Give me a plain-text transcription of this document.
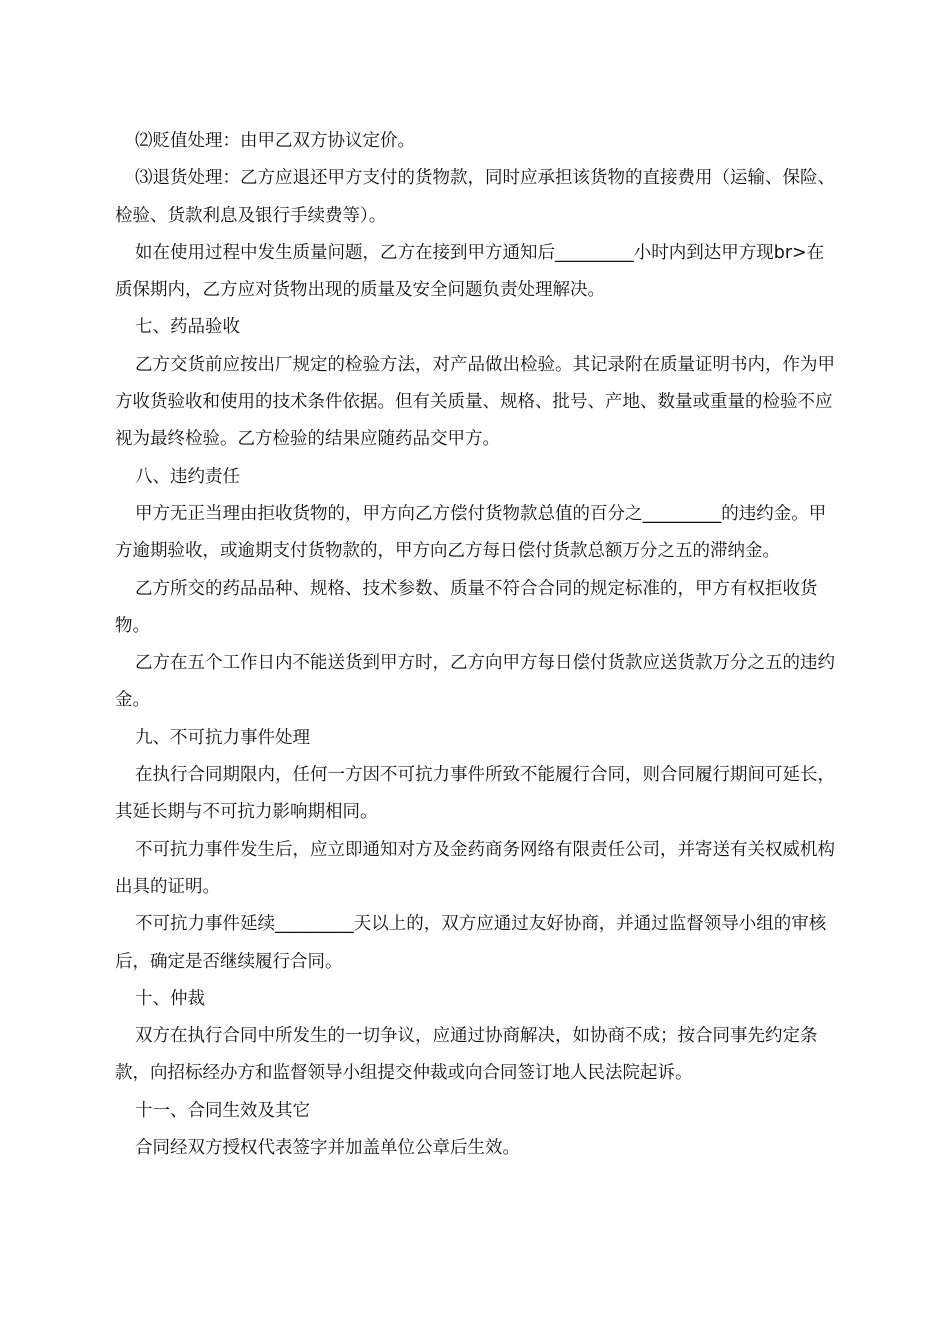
⑵贬值处理：由甲乙双方协议定价。

⑶退货处理：乙方应退还甲方支付的货物款，同时应承担该货物的直接费用（运输、保险、检验、货款利息及银行手续费等）。

如在使用过程中发生质量问题，乙方在接到甲方通知后_________小时内到达甲方现br>在质保期内，乙方应对货物出现的质量及安全问题负责处理解决。

七、药品验收

乙方交货前应按出厂规定的检验方法，对产品做出检验。其记录附在质量证明书内，作为甲方收货验收和使用的技术条件依据。但有关质量、规格、批号、产地、数量或重量的检验不应视为最终检验。乙方检验的结果应随药品交甲方。

八、违约责任

甲方无正当理由拒收货物的，甲方向乙方偿付货物款总值的百分之_________的违约金。甲方逾期验收，或逾期支付货物款的，甲方向乙方每日偿付货款总额万分之五的滞纳金。

乙方所交的药品品种、规格、技术参数、质量不符合合同的规定标准的，甲方有权拒收货物。

乙方在五个工作日内不能送货到甲方时，乙方向甲方每日偿付货款应送货款万分之五的违约金。

九、不可抗力事件处理

在执行合同期限内，任何一方因不可抗力事件所致不能履行合同，则合同履行期间可延长，其延长期与不可抗力影响期相同。

不可抗力事件发生后，应立即通知对方及金药商务网络有限责任公司，并寄送有关权威机构出具的证明。

不可抗力事件延续_________天以上的，双方应通过友好协商，并通过监督领导小组的审核后，确定是否继续履行合同。

十、仲裁

双方在执行合同中所发生的一切争议，应通过协商解决，如协商不成；按合同事先约定条款，向招标经办方和监督领导小组提交仲裁或向合同签订地人民法院起诉。

十一、合同生效及其它

合同经双方授权代表签字并加盖单位公章后生效。
